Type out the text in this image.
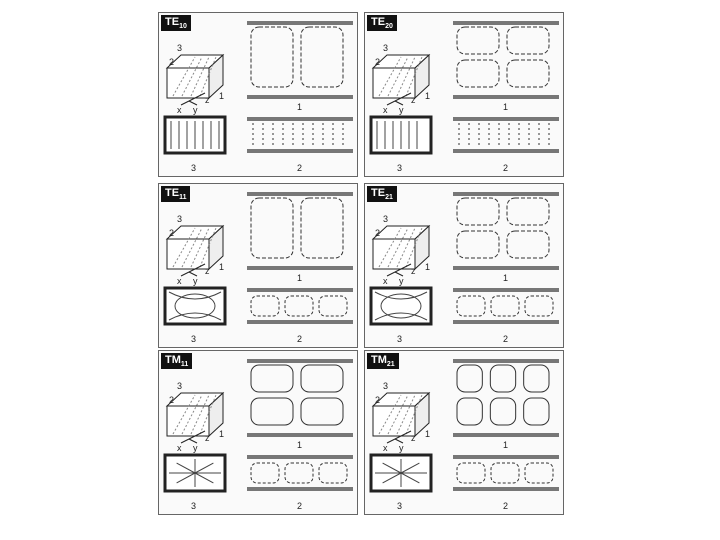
$TE_{10}$
3
2
1
x y
z
1
3	2
$TE_{20}$
3
2
1
x y
z
1
3	2
$TE_{11}$
3
2
1
x y
z
1
3	2
$TE_{21}$
3
2
1
x y
z
1
3	2
$TM_{11}$
3
2
1
x y
z
1
3	2
$TM_{21}$
3
2
1
x y
z
1
3	2
